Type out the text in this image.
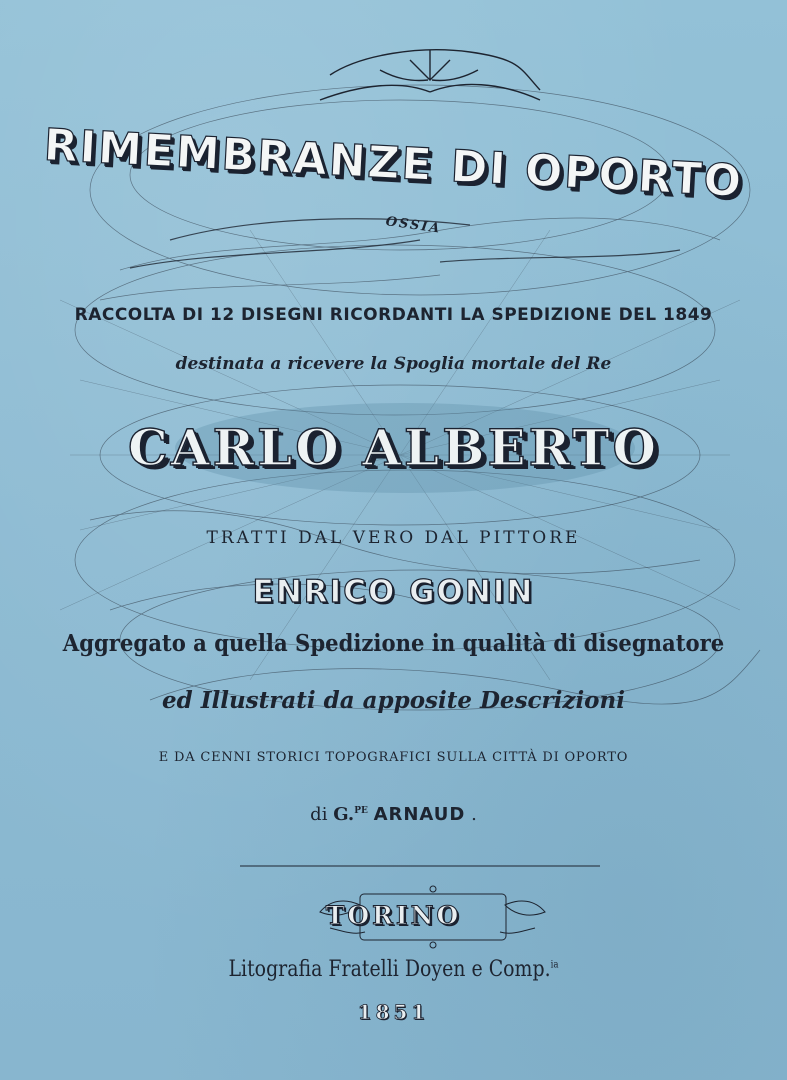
RIMEMBRANZE DI OPORTO
OSSIA
RACCOLTA DI 12 DISEGNI RICORDANTI LA SPEDIZIONE DEL 1849
destinata a ricevere la Spoglia mortale del Re
CARLO ALBERTO
TRATTI DAL VERO DAL PITTORE
ENRICO GONIN
Aggregato a quella Spedizione in qualità di disegnatore
ed Illustrati da apposite Descrizioni
E DA CENNI STORICI TOPOGRAFICI SULLA CITTÀ DI OPORTO
di G.$^{PE}$ ARNAUD .
TORINO
Litografia Fratelli Doyen e Comp.$^{ia}$
1851
